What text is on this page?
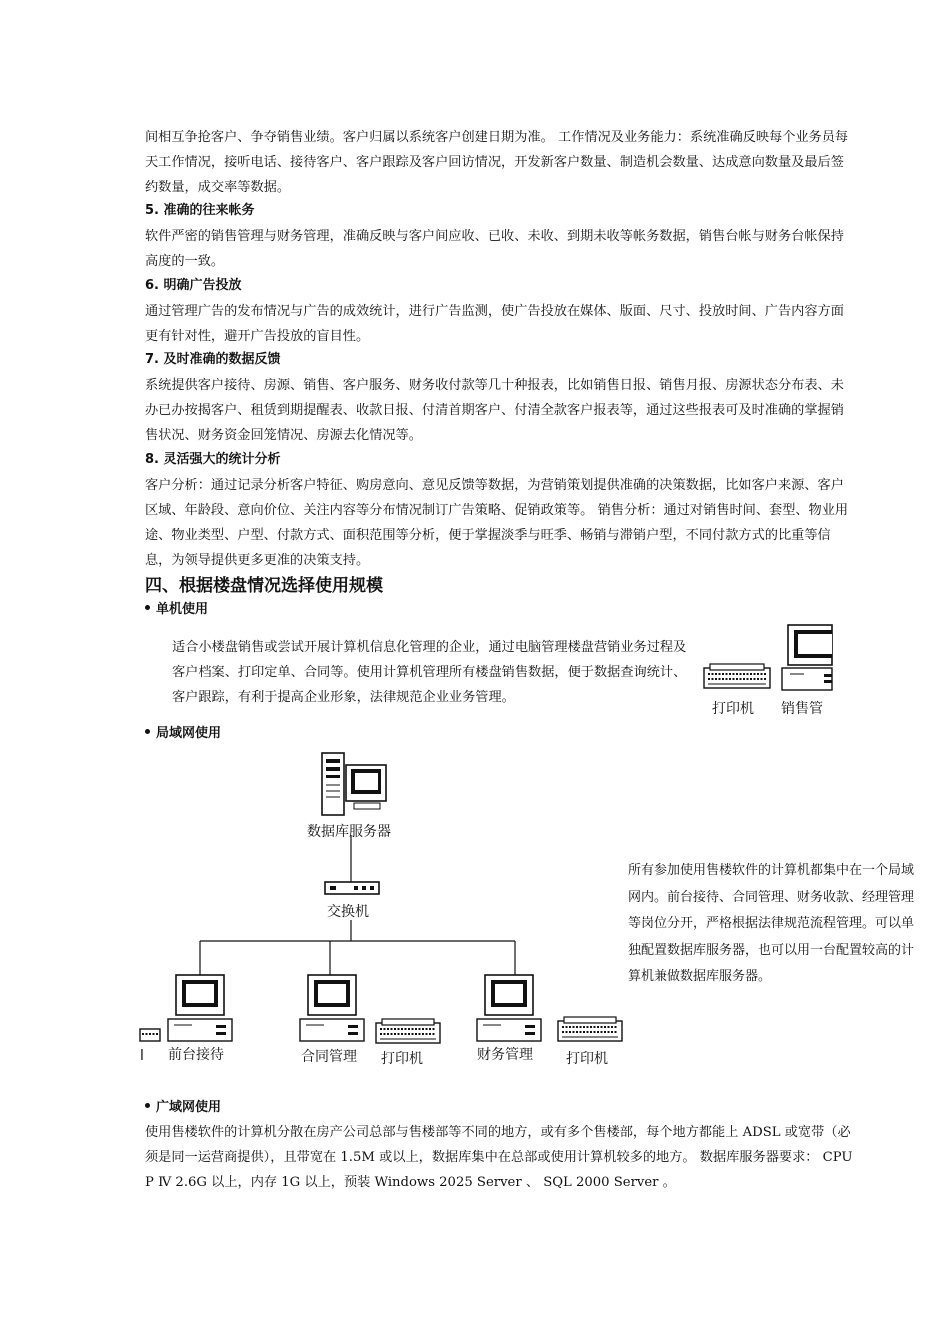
间相互争抢客户、争夺销售业绩。客户归属以系统客户创建日期为准。 工作情况及业务能力：系统准确反映每个业务员每天工作情况，接听电话、接待客户、客户跟踪及客户回访情况，开发新客户数量、制造机会数量、达成意向数量及最后签约数量，成交率等数据。

5. 准确的往来帐务

软件严密的销售管理与财务管理，准确反映与客户间应收、已收、未收、到期未收等帐务数据，销售台帐与财务台帐保持高度的一致。

6. 明确广告投放

通过管理广告的发布情况与广告的成效统计，进行广告监测，使广告投放在媒体、版面、尺寸、投放时间、广告内容方面更有针对性，避开广告投放的盲目性。

7. 及时准确的数据反馈

系统提供客户接待、房源、销售、客户服务、财务收付款等几十种报表，比如销售日报、销售月报、房源状态分布表、未办已办按揭客户、租赁到期提醒表、收款日报、付清首期客户、付清全款客户报表等，通过这些报表可及时准确的掌握销售状况、财务资金回笼情况、房源去化情况等。

8. 灵活强大的统计分析

客户分析：通过记录分析客户特征、购房意向、意见反馈等数据，为营销策划提供准确的决策数据，比如客户来源、客户区域、年龄段、意向价位、关注内容等分布情况制订广告策略、促销政策等。 销售分析：通过对销售时间、套型、物业用途、物业类型、户型、付款方式、面积范围等分析，便于掌握淡季与旺季、畅销与滞销户型，不同付款方式的比重等信息，为领导提供更多更准的决策支持。

四、根据楼盘情况选择使用规模
单机使用

适合小楼盘销售或尝试开展计算机信息化管理的企业，通过电脑管理楼盘营销业务过程及客户档案、打印定单、合同等。使用计算机管理所有楼盘销售数据，便于数据查询统计、客户跟踪，有利于提高企业形象，法律规范企业业务管理。

打印机 销售管
局域网使用
数据库服务器
交换机
l 前台接待	合同管理 打印机	财务管理 打印机

所有参加使用售楼软件的计算机都集中在一个局域网内。前台接待、合同管理、财务收款、经理管理等岗位分开，严格根据法律规范流程管理。可以单独配置数据库服务器，也可以用一台配置较高的计算机兼做数据库服务器。

广域网使用

使用售楼软件的计算机分散在房产公司总部与售楼部等不同的地方，或有多个售楼部，每个地方都能上 ADSL 或宽带（必须是同一运营商提供），且带宽在 1.5M 或以上，数据库集中在总部或使用计算机较多的地方。 数据库服务器要求： CPU P Ⅳ 2.6G 以上，内存 1G 以上，预装 Windows 2025 Server 、 SQL 2000 Server 。
